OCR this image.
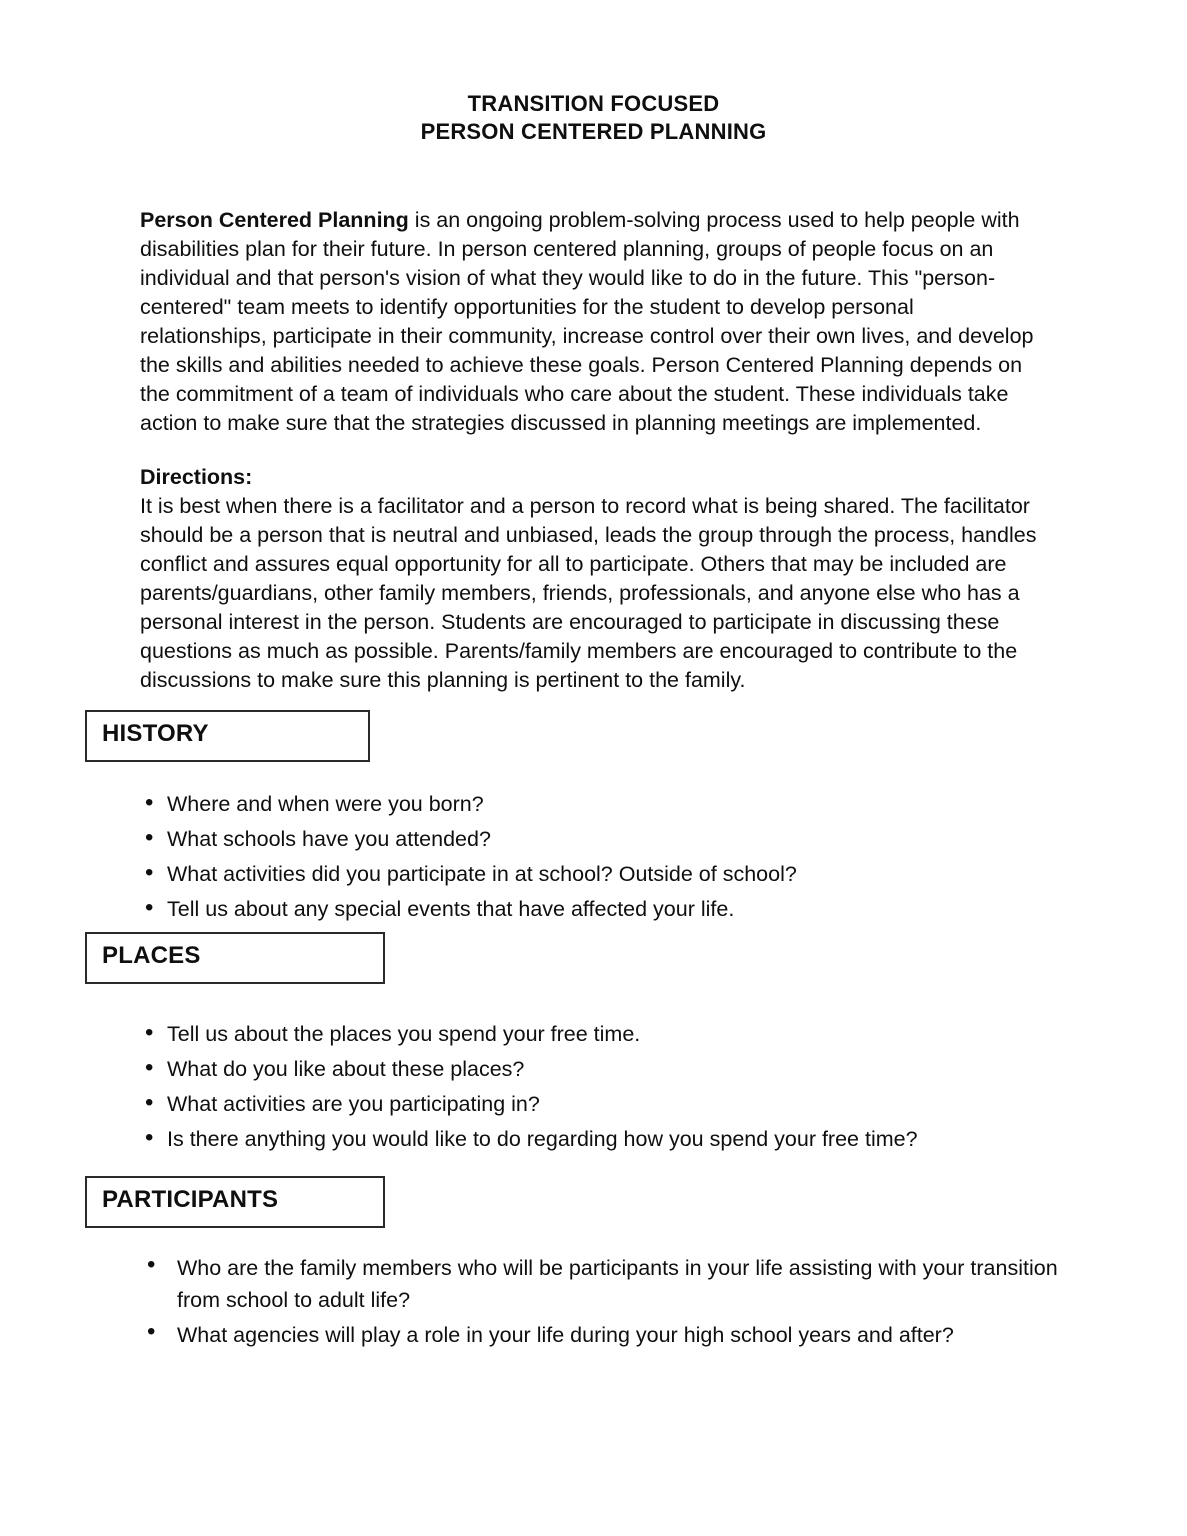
TRANSITION FOCUSED
PERSON CENTERED PLANNING

Person Centered Planning is an ongoing problem-solving process used to help people with disabilities plan for their future. In person centered planning, groups of people focus on an individual and that person's vision of what they would like to do in the future. This "person-centered" team meets to identify opportunities for the student to develop personal relationships, participate in their community, increase control over their own lives, and develop the skills and abilities needed to achieve these goals. Person Centered Planning depends on the commitment of a team of individuals who care about the student. These individuals take action to make sure that the strategies discussed in planning meetings are implemented.

Directions:
It is best when there is a facilitator and a person to record what is being shared. The facilitator should be a person that is neutral and unbiased, leads the group through the process, handles conflict and assures equal opportunity for all to participate. Others that may be included are parents/guardians, other family members, friends, professionals, and anyone else who has a personal interest in the person. Students are encouraged to participate in discussing these questions as much as possible. Parents/family members are encouraged to contribute to the discussions to make sure this planning is pertinent to the family.
HISTORY
• Where and when were you born?
• What schools have you attended?
• What activities did you participate in at school? Outside of school?
• Tell us about any special events that have affected your life.
PLACES
• Tell us about the places you spend your free time.
• What do you like about these places?
• What activities are you participating in?
• Is there anything you would like to do regarding how you spend your free time?
PARTICIPANTS
• Who are the family members who will be participants in your life assisting with your transition from school to adult life?
• What agencies will play a role in your life during your high school years and after?
